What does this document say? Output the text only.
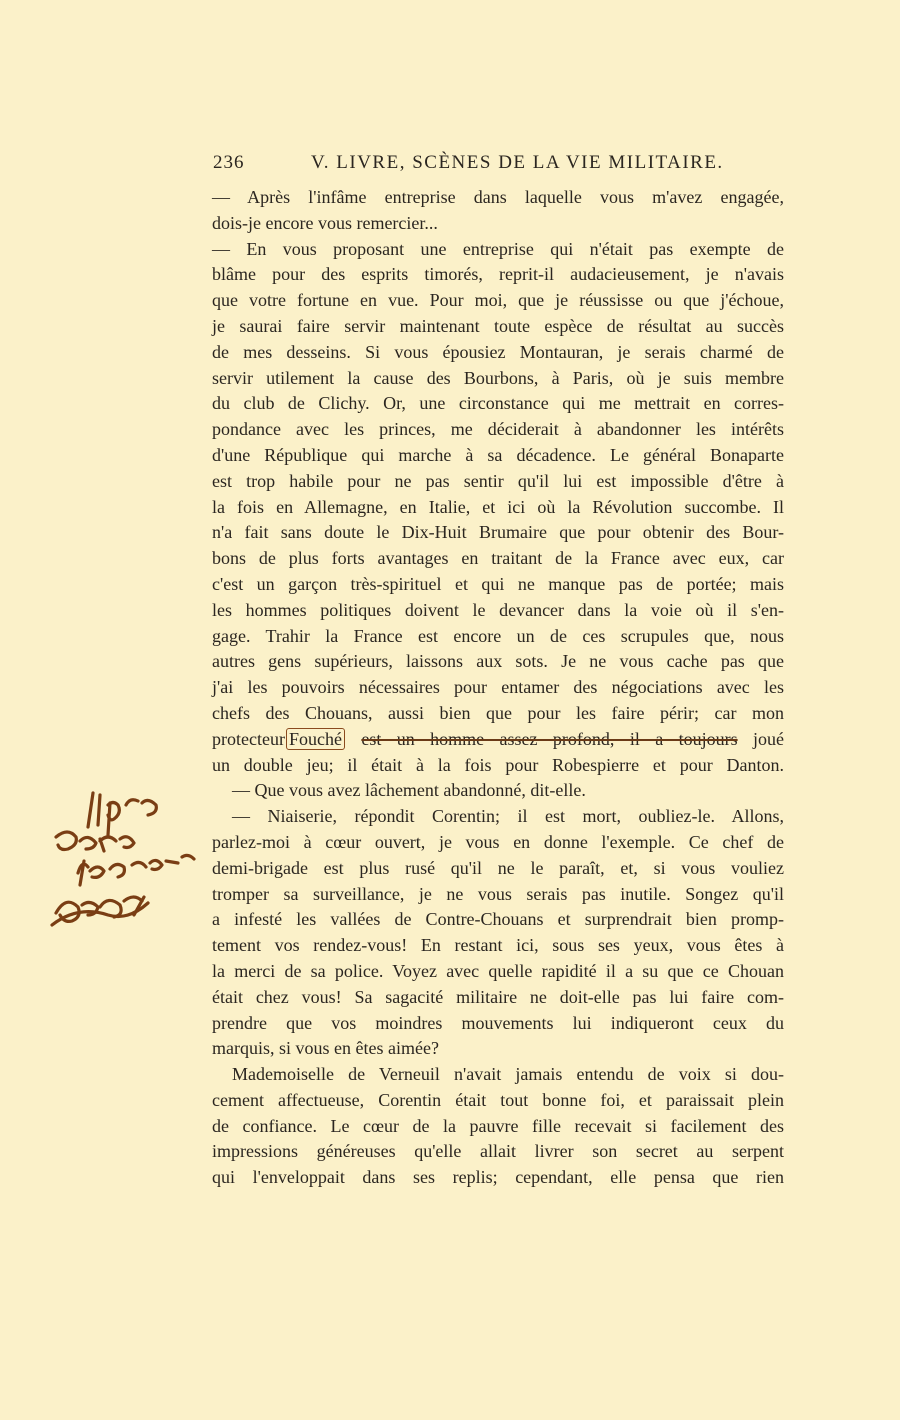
236	V. LIVRE, SCÈNES DE LA VIE MILITAIRE.
— Après l'infâme entreprise dans laquelle vous m'avez engagée,
dois-je encore vous remercier...
— En vous proposant une entreprise qui n'était pas exempte de
blâme pour des esprits timorés, reprit-il audacieusement, je n'avais
que votre fortune en vue. Pour moi, que je réussisse ou que j'échoue,
je saurai faire servir maintenant toute espèce de résultat au succès
de mes desseins. Si vous épousiez Montauran, je serais charmé de
servir utilement la cause des Bourbons, à Paris, où je suis membre
du club de Clichy. Or, une circonstance qui me mettrait en corres-
pondance avec les princes, me déciderait à abandonner les intérêts
d'une République qui marche à sa décadence. Le général Bonaparte
est trop habile pour ne pas sentir qu'il lui est impossible d'être à
la fois en Allemagne, en Italie, et ici où la Révolution succombe. Il
n'a fait sans doute le Dix-Huit Brumaire que pour obtenir des Bour-
bons de plus forts avantages en traitant de la France avec eux, car
c'est un garçon très-spirituel et qui ne manque pas de portée; mais
les hommes politiques doivent le devancer dans la voie où il s'en-
gage. Trahir la France est encore un de ces scrupules que, nous
autres gens supérieurs, laissons aux sots. Je ne vous cache pas que
j'ai les pouvoirs nécessaires pour entamer des négociations avec les
chefs des Chouans, aussi bien que pour les faire périr; car mon
protecteur Fouché est un homme assez profond, il a toujours joué
un double jeu; il était à la fois pour Robespierre et pour Danton.
— Que vous avez lâchement abandonné, dit-elle.
— Niaiserie, répondit Corentin; il est mort, oubliez-le. Allons,
parlez-moi à cœur ouvert, je vous en donne l'exemple. Ce chef de
demi-brigade est plus rusé qu'il ne le paraît, et, si vous vouliez
tromper sa surveillance, je ne vous serais pas inutile. Songez qu'il
a infesté les vallées de Contre-Chouans et surprendrait bien promp-
tement vos rendez-vous! En restant ici, sous ses yeux, vous êtes à
la merci de sa police. Voyez avec quelle rapidité il a su que ce Chouan
était chez vous! Sa sagacité militaire ne doit-elle pas lui faire com-
prendre que vos moindres mouvements lui indiqueront ceux du
marquis, si vous en êtes aimée?
Mademoiselle de Verneuil n'avait jamais entendu de voix si dou-
cement affectueuse, Corentin était tout bonne foi, et paraissait plein
de confiance. Le cœur de la pauvre fille recevait si facilement des
impressions généreuses qu'elle allait livrer son secret au serpent
qui l'enveloppait dans ses replis; cependant, elle pensa que rien
